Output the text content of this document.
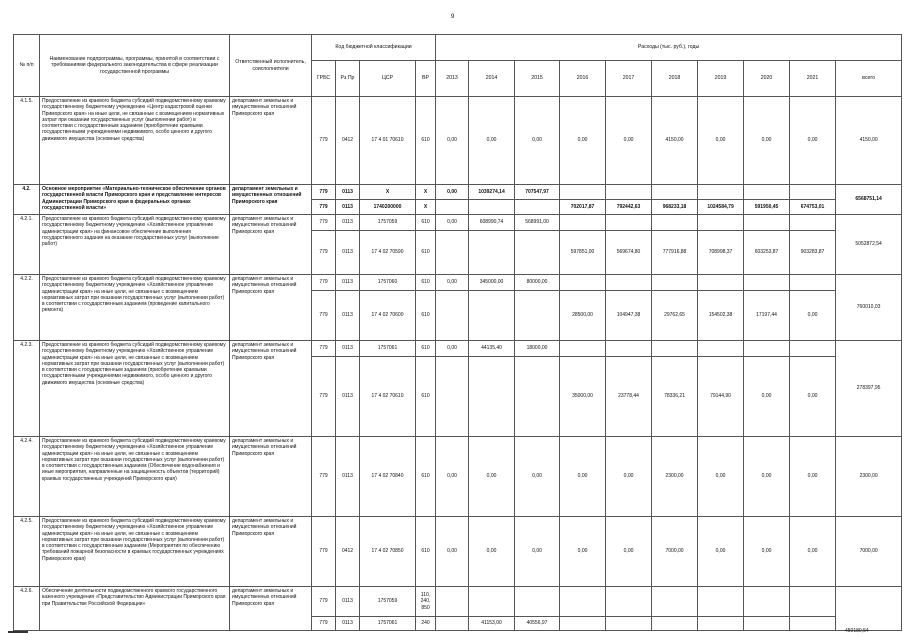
9
№ п/п	Наименование подпрограммы, программы, принятой в соответствии с требованиями федерального законодательства в сфере реализации государственной программы	Ответственный исполнитель, соисполнители	Код бюджетной классификации				Расходы (тыс. руб.), годы									
			ГРБС	Рз Пр	ЦСР	ВР	2013	2014	2015	2016	2017	2018	2019	2020	2021	всего
4.1.5.	Предоставление из краевого бюджета субсидий подведомственному краевому государственному бюджетному учреждению «Центр кадастровой оценки Приморского края» на иные цели, не связанные с возмещением нормативных затрат при оказании государственных услуг (выполнении работ) в соответствии с государственным заданием (приобретение краевыми государственными учреждениями недвижимого, особо ценного и другого движимого имущества (основные средства)	департамент земельных и имущественных отношений Приморского края	779	0412	17 4 01 70610	610	0,00	0,00	0,00	0,00	0,00	4150,00	0,00	0,00	0,00	4150,00
4.2.	Основное мероприятие «Материально-техническое обеспечение органов государственной власти Приморского края и представление интересов Администрации Приморского края в федеральных органах государственной власти»	департамент земельных и имущественных отношений Приморского края	779	0113	X	X	0,00	1039274,14	707547,97							6568751,14
			779	0113	1740200000	X				702017,87	792442,63	968233,18	1024584,79	591950,45	674753,01	
4.2.1.	Предоставление из краевого бюджета субсидий подведомственному краевому государственному бюджетному учреждению «Хозяйственное управление администрации края» на финансовое обеспечение выполнения государственного задания на оказание государственных услуг (выполнение работ)	департамент земельных и имущественных отношений Приморского края	779	0113	1757059	610	0,00	608990,74	568991,00							5052872,54
			779	0113	17 4 02 70590	610				597851,00	569674,80	777916,88	708998,37	603253,87	903283,87	
4.2.2.	Предоставление из краевого бюджета субсидий подведомственному краевому государственному бюджетному учреждению «Хозяйственное управление администрации края» на иные цели, не связанные с возмещением нормативных затрат при оказании государственных услуг (выполнении работ) в соответствии с государственным заданием (проведение капитального ремонта)	департамент земельных и имущественных отношений Приморского края	779	0113	1757060	610	0,00	345000,00	80000,00							760010,03
			779	0113	17 4 02 70600	610				28500,00	104947,38	29762,65	154502,38	17197,44	0,00	
4.2.3.	Предоставление из краевого бюджета субсидий подведомственному краевому государственному бюджетному учреждению «Хозяйственное управление администрации края» на иные цели, не связанные с возмещением нормативных затрат при оказании государственных услуг (выполнении работ) в соответствии с государственным заданием (приобретение краевыми государственными учреждениями недвижимого, особо ценного и другого движимого имущества (основные средства)	департамент земельных и имущественных отношений Приморского края	779	0113	1757061	610	0,00	44135,40	18000,00							278397,95
			779	0113	17 4 02 70610	610				35000,00	23778,44	78336,21	79144,90	0,00	0,00	
4.2.4.	Предоставление из краевого бюджета субсидий подведомственному краевому государственному бюджетному учреждению «Хозяйственное управление администрации края» на иные цели, не связанные с возмещением нормативных затрат при оказании государственных услуг (выполнении работ) в соответствии с государственным заданием (Обеспечение водонабжения и иные мероприятия, направленные на защищенность объектов (территорий) краевых государственных учреждений Приморского края)	департамент земельных и имущественных отношений Приморского края	779	0113	17 4 02 70840	610	0,00	0,00	0,00	0,00	0,00	2300,00	0,00	0,00	0,00	2300,00
4.2.5.	Предоставление из краевого бюджета субсидий подведомственному краевому государственному бюджетному учреждению «Хозяйственное управление администрации края» на иные цели, не связанные с возмещением нормативных затрат при оказании государственных услуг (выполнении работ) в соответствии с государственным заданием (Мероприятия по обеспечению требований пожарной безопасности в краевых государственных учреждениях Приморского края)	департамент земельных и имущественных отношений Приморского края	779	0412	17 4 02 70850	610	0,00	0,00	0,00	0,00	0,00	7000,00	0,00	0,00	0,00	7000,00
4.2.6.	Обеспечение деятельности подведомственного краевого государственного казенного учреждения «Представительство Администрации Приморского края при Правительстве Российской Федерации»	департамент земельных и имущественных отношений Приморского края	779	0113	1757059	110, 240, 850										
			779	0113	1757061	240		41153,00	40556,97							
450180,54
